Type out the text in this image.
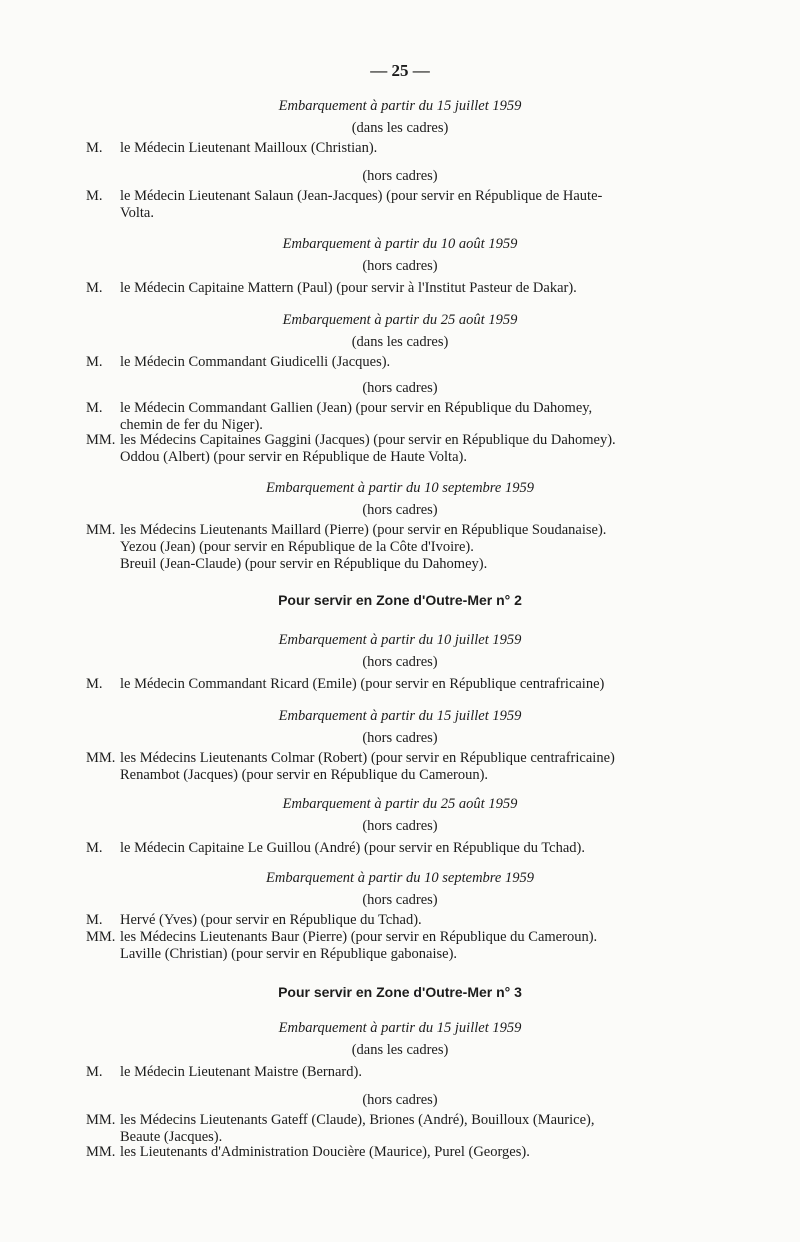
— 25 —
Embarquement à partir du 15 juillet 1959
(dans les cadres)
M. le Médecin Lieutenant Mailloux (Christian).
(hors cadres)
M. le Médecin Lieutenant Salaun (Jean-Jacques) (pour servir en République de Haute-
Volta.
Embarquement à partir du 10 août 1959
(hors cadres)
M. le Médecin Capitaine Mattern (Paul) (pour servir à l'Institut Pasteur de Dakar).
Embarquement à partir du 25 août 1959
(dans les cadres)
M. le Médecin Commandant Giudicelli (Jacques).
(hors cadres)
M. le Médecin Commandant Gallien (Jean) (pour servir en République du Dahomey,
chemin de fer du Niger).
MM. les Médecins Capitaines Gaggini (Jacques) (pour servir en République du Dahomey).
Oddou (Albert) (pour servir en République de Haute Volta).
Embarquement à partir du 10 septembre 1959
(hors cadres)
MM. les Médecins Lieutenants Maillard (Pierre) (pour servir en République Soudanaise).
Yezou (Jean) (pour servir en République de la Côte d'Ivoire).
Breuil (Jean-Claude) (pour servir en République du Dahomey).
Pour servir en Zone d'Outre-Mer n° 2
Embarquement à partir du 10 juillet 1959
(hors cadres)
M. le Médecin Commandant Ricard (Emile) (pour servir en République centrafricaine)
Embarquement à partir du 15 juillet 1959
(hors cadres)
MM. les Médecins Lieutenants Colmar (Robert) (pour servir en République centrafricaine)
Renambot (Jacques) (pour servir en République du Cameroun).
Embarquement à partir du 25 août 1959
(hors cadres)
M. le Médecin Capitaine Le Guillou (André) (pour servir en République du Tchad).
Embarquement à partir du 10 septembre 1959
(hors cadres)
M. Hervé (Yves) (pour servir en République du Tchad).
MM. les Médecins Lieutenants Baur (Pierre) (pour servir en République du Cameroun).
Laville (Christian) (pour servir en République gabonaise).
Pour servir en Zone d'Outre-Mer n° 3
Embarquement à partir du 15 juillet 1959
(dans les cadres)
M. le Médecin Lieutenant Maistre (Bernard).
(hors cadres)
MM. les Médecins Lieutenants Gateff (Claude), Briones (André), Bouilloux (Maurice),
Beaute (Jacques).
MM. les Lieutenants d'Administration Doucière (Maurice), Purel (Georges).
